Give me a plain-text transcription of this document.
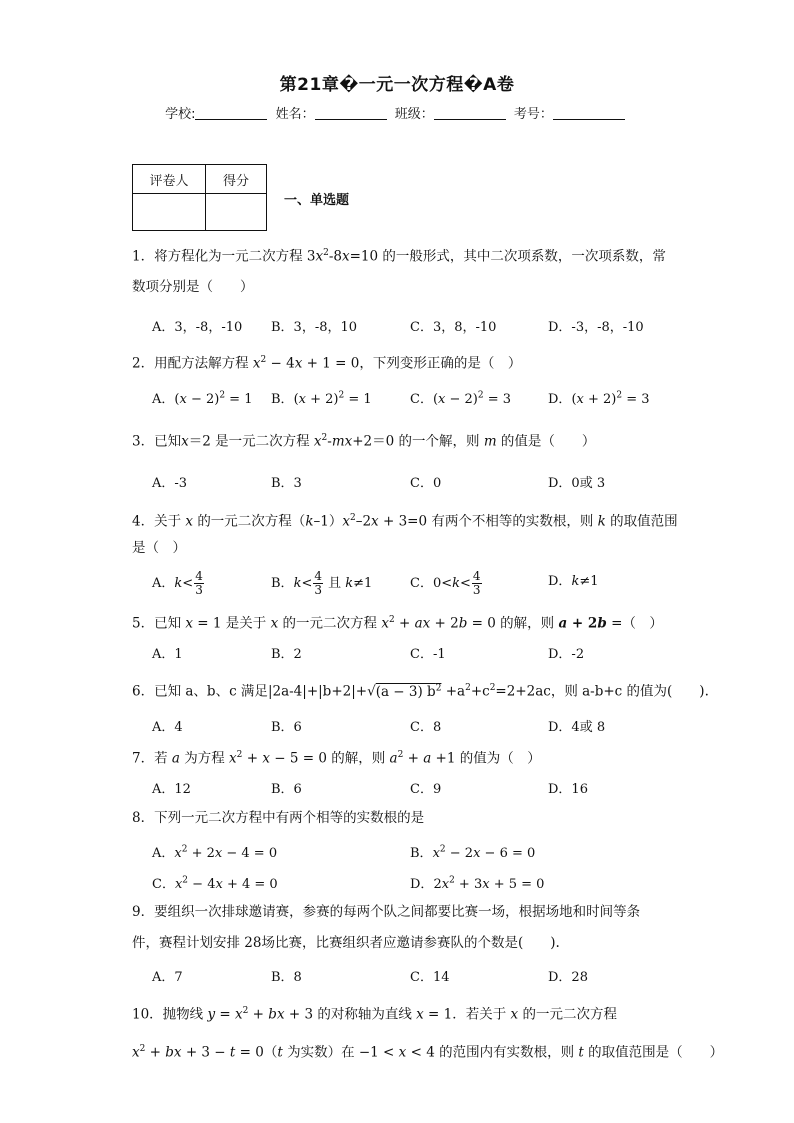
第21章�一元一次方程�A卷
学校:	姓名：	班级：	考号：
评卷人	得分

一、单选题
1．将方程化为一元二次方程 $3x^2-8x=10$ 的一般形式，其中二次项系数，一次项系数，常
数项分别是（　　）
A．3，-8，-10 B．3，-8，10	C．3，8，-10	D．-3，-8，-10
2．用配方法解方程 $x^2 - 4x + 1 = 0$，下列变形正确的是（　）
A．$(x - 2)^2 = 1$ B．$(x + 2)^2 = 1$	C．$(x - 2)^2 = 3$	D．$(x + 2)^2 = 3$
3．已知x＝2 是一元二次方程 $x^2-mx+2=0$ 的一个解，则 m 的值是（　　）
A．-3	B．3	C．0	D．0或 3
4．关于 x 的一元二次方程$(k-1)x^2-2x + 3=0$ 有两个不相等的实数根，则 k 的取值范围
是（　）
A．$k< \frac{4}{3}$	B．$k< \frac{4}{3}$ 且 k≠1	C．$0<k< \frac{4}{3}$	D．k≠1
5．已知 x = 1 是关于 x 的一元二次方程 $x^2$ + ax + 2b = 0 的解，则 a + 2b =（　）
A．1	B．2	C．-1	D．-2
6．已知 a、b、c 满足|2a-4|+|b+2|+√(a − 3) $b^2 +a^2+c^2=2+2ac$，则 a-b+c 的值为(　　).
A．4	B．6	C．8	D．4或 8
7．若 a 为方程 $x^2 + x - 5 = 0$ 的解，则 $a^2 + a +1$ 的值为（　）
A．12	B．6	C．9	D．16
8．下列一元二次方程中有两个相等的实数根的是
A．$x^2 + 2x - 4 = 0$	B．$x^2 - 2x - 6 = 0$
C．$x^2 - 4x + 4 = 0$	D．$2x^2 + 3x + 5 = 0$
9．要组织一次排球邀请赛，参赛的每两个队之间都要比赛一场，根据场地和时间等条
件，赛程计划安排 28场比赛，比赛组织者应邀请参赛队的个数是(　　).
A．7	B．8	C．14	D．28
10．抛物线 $y = x^2$ + bx + 3 的对称轴为直线 x = 1．若关于 x 的一元二次方程
$x^2$ + bx + 3 − t = 0（t 为实数）在 −1 < x < 4 的范围内有实数根，则 t 的取值范围是（　　）
